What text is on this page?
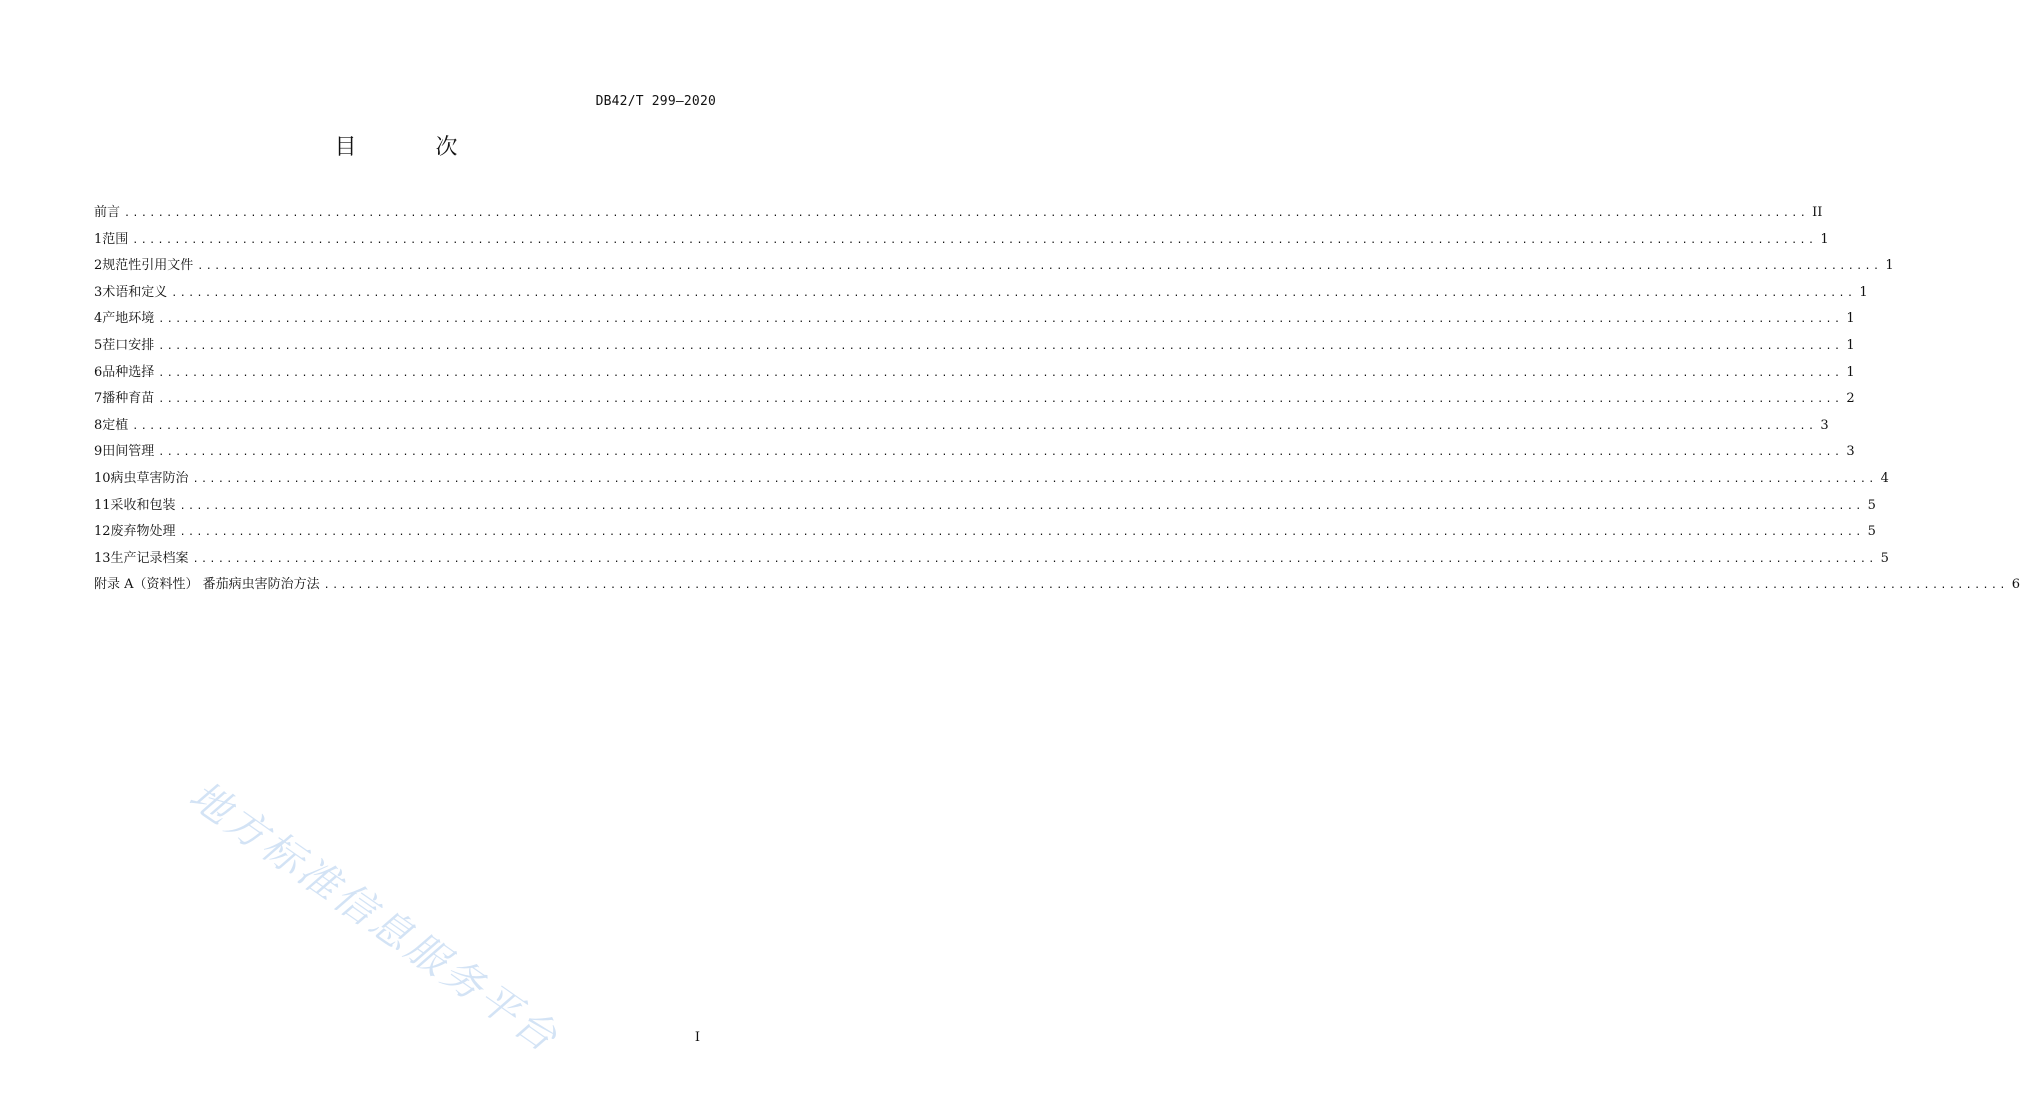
DB42/T 299—2020
目 次
前言 ........................................................................................................................................................................................................ II
1 范围 ........................................................................................................................................................................................................ 1
2 规范性引用文件 ........................................................................................................................................................................................................ 1
3 术语和定义 ........................................................................................................................................................................................................ 1
4 产地环境 ........................................................................................................................................................................................................ 1
5 茬口安排 ........................................................................................................................................................................................................ 1
6 品种选择 ........................................................................................................................................................................................................ 1
7 播种育苗 ........................................................................................................................................................................................................ 2
8 定植 ........................................................................................................................................................................................................ 3
9 田间管理 ........................................................................................................................................................................................................ 3
10 病虫草害防治 ........................................................................................................................................................................................................ 4
11 采收和包装 ........................................................................................................................................................................................................ 5
12 废弃物处理 ........................................................................................................................................................................................................ 5
13 生产记录档案 ........................................................................................................................................................................................................ 5
附录 A（资料性） 番茄病虫害防治方法 ........................................................................................................................................................................................................ 6
地方标准信息服务平台	I
